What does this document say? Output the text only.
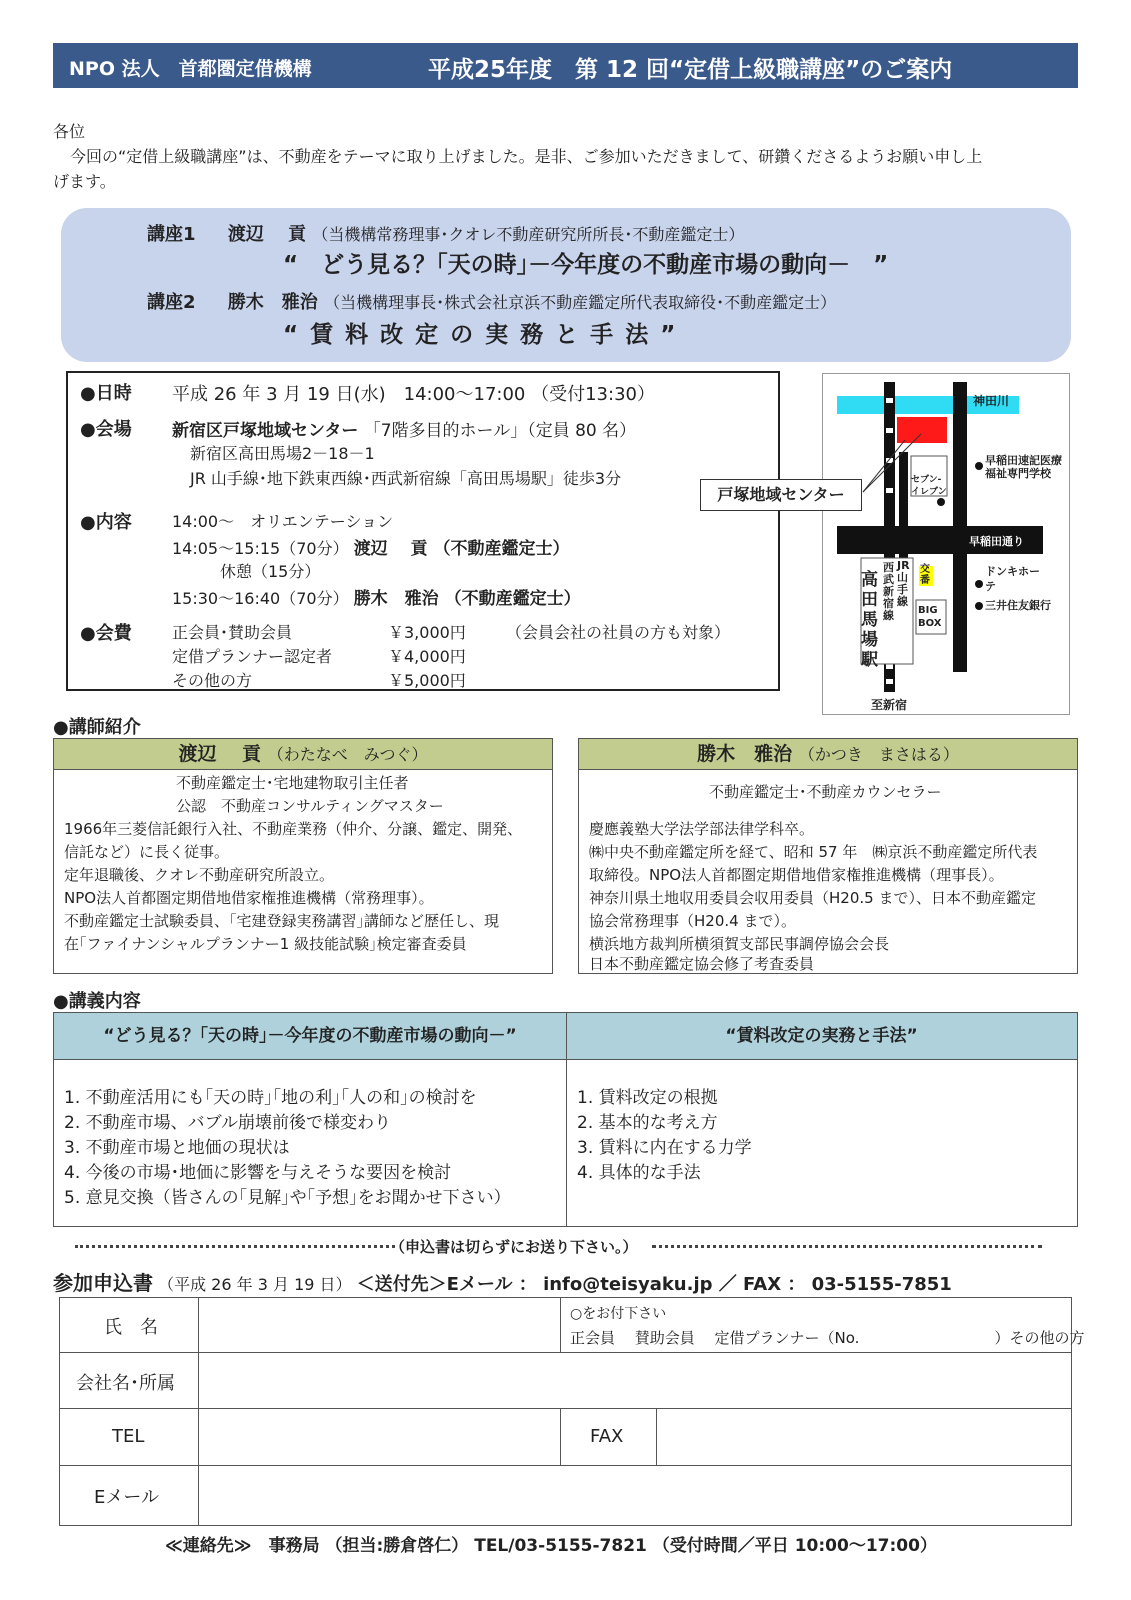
NPO 法人　首都圏定借機構	平成25年度　第 12 回“定借上級職講座”のご案内
各位
今回の“定借上級職講座”は、不動産をテーマに取り上げました。是非、ご参加いただきまして、研鑽くださるようお願い申し上
げます。
講座1 渡辺　 貢 （当機構常務理事･クオレ不動産研究所所長･不動産鑑定士）
“　どう見る？｢天の時｣－今年度の不動産市場の動向－　”
講座2 勝木　雅治 （当機構理事長･株式会社京浜不動産鑑定所代表取締役･不動産鑑定士）
“ 賃 料 改 定 の 実 務 と 手 法 ”
●日時 平成 26 年 3 月 19 日(水)　14:00～17:00 （受付13:30）
●会場 新宿区戸塚地域センター 「7階多目的ホール」（定員 80 名）
新宿区高田馬場2－18－1
JR 山手線･地下鉄東西線･西武新宿線「高田馬場駅」徒歩3分
●内容	14:00～　オリエンテーション
14:05～15:15（70分） 渡辺　 貢 （不動産鑑定士）
　　　休憩（15分）
15:30～16:40（70分） 勝木　雅治 （不動産鑑定士）
●会費	正会員･賛助会員	￥3,000円	（会員会社の社員の方も対象）
定借プランナー認定者	￥4,000円
その他の方	￥5,000円
神田川
早稲田速記医療福祉専門学校
セブン-イレブン
早稲田通り
交番
ドンキホーテ
三井住友銀行
JR山手線
西武新宿線
高田馬場駅
BIG BOX
至新宿
戸塚地域センター
●講師紹介
渡辺　 貢 （わたなべ　みつぐ）
不動産鑑定士･宅地建物取引主任者
公認　不動産コンサルティングマスター
1966年三菱信託銀行入社、不動産業務（仲介、分譲、鑑定、開発、
信託など）に長く従事。
定年退職後、クオレ不動産研究所設立。
NPO法人首都圏定期借地借家権推進機構（常務理事）。
不動産鑑定士試験委員、｢宅建登録実務講習｣講師など歴任し、現
在｢ファイナンシャルプランナー1 級技能試験｣検定審査委員
勝木　雅治 （かつき　まさはる）
不動産鑑定士･不動産カウンセラー
慶應義塾大学法学部法律学科卒。
㈱中央不動産鑑定所を経て、昭和 57 年　㈱京浜不動産鑑定所代表
取締役。NPO法人首都圏定期借地借家権推進機構（理事長）。
神奈川県土地収用委員会収用委員（H20.5 まで）、日本不動産鑑定
協会常務理事（H20.4 まで）。
横浜地方裁判所横須賀支部民事調停協会会長
日本不動産鑑定協会修了考査委員
●講義内容
“どう見る？｢天の時｣－今年度の不動産市場の動向－”	“賃料改定の実務と手法”
1. 不動産活用にも｢天の時｣｢地の利｣｢人の和｣の検討を
2. 不動産市場、バブル崩壊前後で様変わり
3. 不動産市場と地価の現状は
4. 今後の市場･地価に影響を与えそうな要因を検討
5. 意見交換（皆さんの｢見解｣や｢予想｣をお聞かせ下さい）
1. 賃料改定の根拠
2. 基本的な考え方
3. 賃料に内在する力学
4. 具体的な手法
（申込書は切らずにお送り下さい。）
参加申込書 （平成 26 年 3 月 19 日） ＜送付先＞Eメール ： info@teisyaku.jp ／ FAX ： 03-5155-7851
氏　名
○をお付下さい
正会員　 賛助会員　 定借プランナー（No.　　　　　　　　　）その他の方
会社名･所属
TEL	FAX
Eメール
≪連絡先≫　事務局 （担当:勝倉啓仁） TEL/03-5155-7821 （受付時間／平日 10:00～17:00）
